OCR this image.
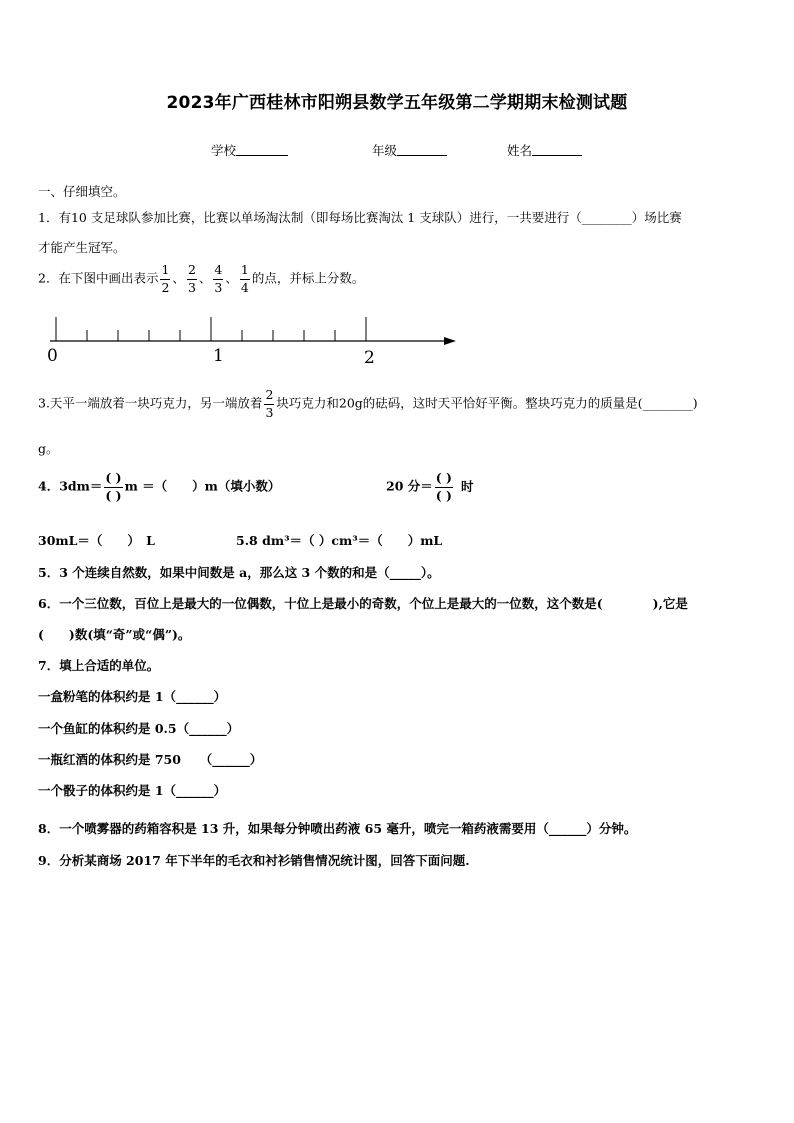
2023年广西桂林市阳朔县数学五年级第二学期期末检测试题
学校	年级	姓名
一、仔细填空。
1．有10 支足球队参加比赛，比赛以单场淘汰制（即每场比赛淘汰 1 支球队）进行，一共要进行（________）场比赛
才能产生冠军。
2．在下图中画出表示 $\frac{1}{2}$ 、 $\frac{2}{3}$ 、 $\frac{4}{3}$ 、 $\frac{1}{4}$ 的点，并标上分数。
0	1	2
3.天平一端放着一块巧克力，另一端放着 $\frac{2}{3}$ 块巧克力和20g的砝码，这时天平恰好平衡。整块巧克力的质量是(________)
g。
4．$3dm= \frac{( )}{( )}$ m ＝（　　）m（填小数）	20 分＝ $\frac{( )}{( )}$ 时
30mL＝（　　）　L	5.8 dm³＝（ ）cm³＝（　　）mL
5．3 个连续自然数，如果中间数是 a，那么这 3 个数的和是（_____）。
6．一个三位数，百位上是最大的一位偶数，十位上是最小的奇数，个位上是最大的一位数，这个数是(　　　　),它是
(　　)数(填“奇”或“偶”)。
7．填上合适的单位。
一盒粉笔的体积约是 1（______）
一个鱼缸的体积约是 0.5（______）
一瓶红酒的体积约是 750　　（______）
一个骰子的体积约是 1（______）
8．一个喷雾器的药箱容积是 13 升，如果每分钟喷出药液 65 毫升，喷完一箱药液需要用（______）分钟。
9．分析某商场 2017 年下半年的毛衣和衬衫销售情况统计图，回答下面问题.
